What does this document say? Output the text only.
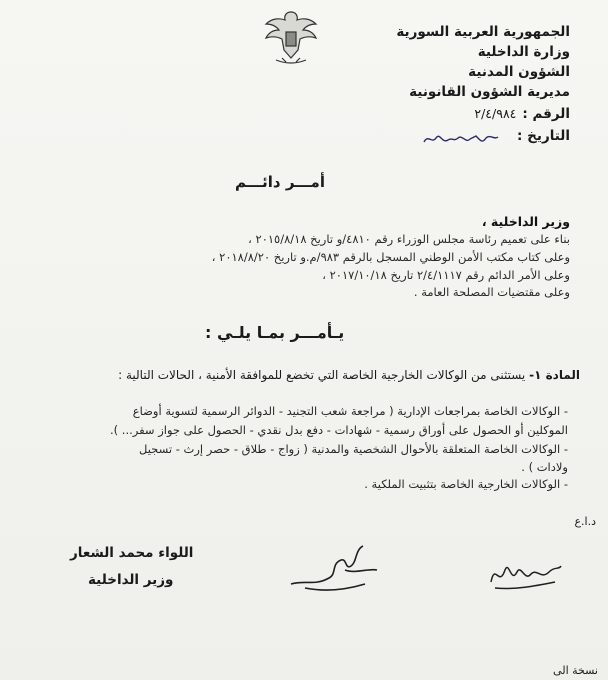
الجمهورية العربية السورية
وزارة الداخلية
الشؤون المدنية
مديرية الشؤون القانونية
الرقم :٢/٤/٩٨٤
التاريخ :
أمـــر دائـــم
وزير الداخلية ،
بناء على تعميم رئاسة مجلس الوزراء رقم ٤٨١٠/و تاريخ ٢٠١٥/٨/١٨ ،
وعلى كتاب مكتب الأمن الوطني المسجل بالرقم ٩٨٣/م.و تاريخ ٢٠١٨/٨/٢٠ ،
وعلى الأمر الدائم رقم ٢/٤/١١١٧ تاريخ ٢٠١٧/١٠/١٨ ،
وعلى مقتضيات المصلحة العامة .
يـأمـــر بمـا يلـي :
المادة ١- يستثنى من الوكالات الخارجية الخاصة التي تخضع للموافقة الأمنية ، الحالات التالية :
- الوكالات الخاصة بمراجعات الإدارية ( مراجعة شعب التجنيد - الدوائر الرسمية لتسوية أوضاع
الموكلين أو الحصول على أوراق رسمية - شهادات - دفع بدل نقدي - الحصول على جواز سفر... ).
- الوكالات الخاصة المتعلقة بالأحوال الشخصية والمدنية ( زواج - طلاق - حصر إرث - تسجيل
ولادات ) .
- الوكالات الخارجية الخاصة بتثبيت الملكية .
د.ا.ع
اللواء محمد الشعار
وزير الداخلية
نسخة الى
